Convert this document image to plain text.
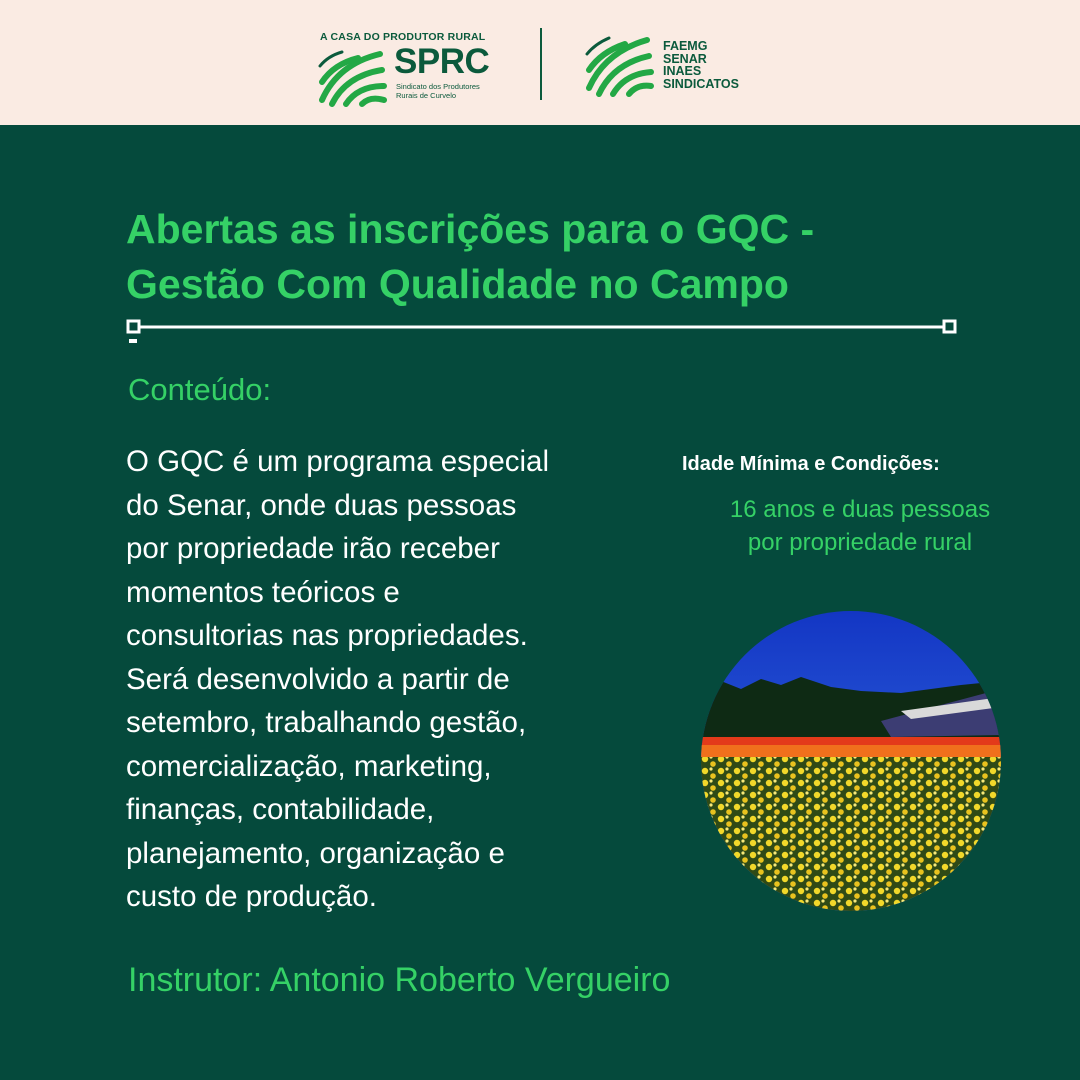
A CASA DO PRODUTOR RURAL
SPRC
Sindicato dos Produtores
Rurais de Curvelo
FAEMG
SENAR
INAES
SINDICATOS
Abertas as inscrições para o GQC -
Gestão Com Qualidade no Campo
Conteúdo:
O GQC é um programa especial
do Senar, onde duas pessoas
por propriedade irão receber
momentos teóricos e
consultorias nas propriedades.
Será desenvolvido a partir de
setembro, trabalhando gestão,
comercialização, marketing,
finanças, contabilidade,
planejamento, organização e
custo de produção.
Idade Mínima e Condições:
16 anos e duas pessoas
por propriedade rural
Instrutor: Antonio Roberto Vergueiro
